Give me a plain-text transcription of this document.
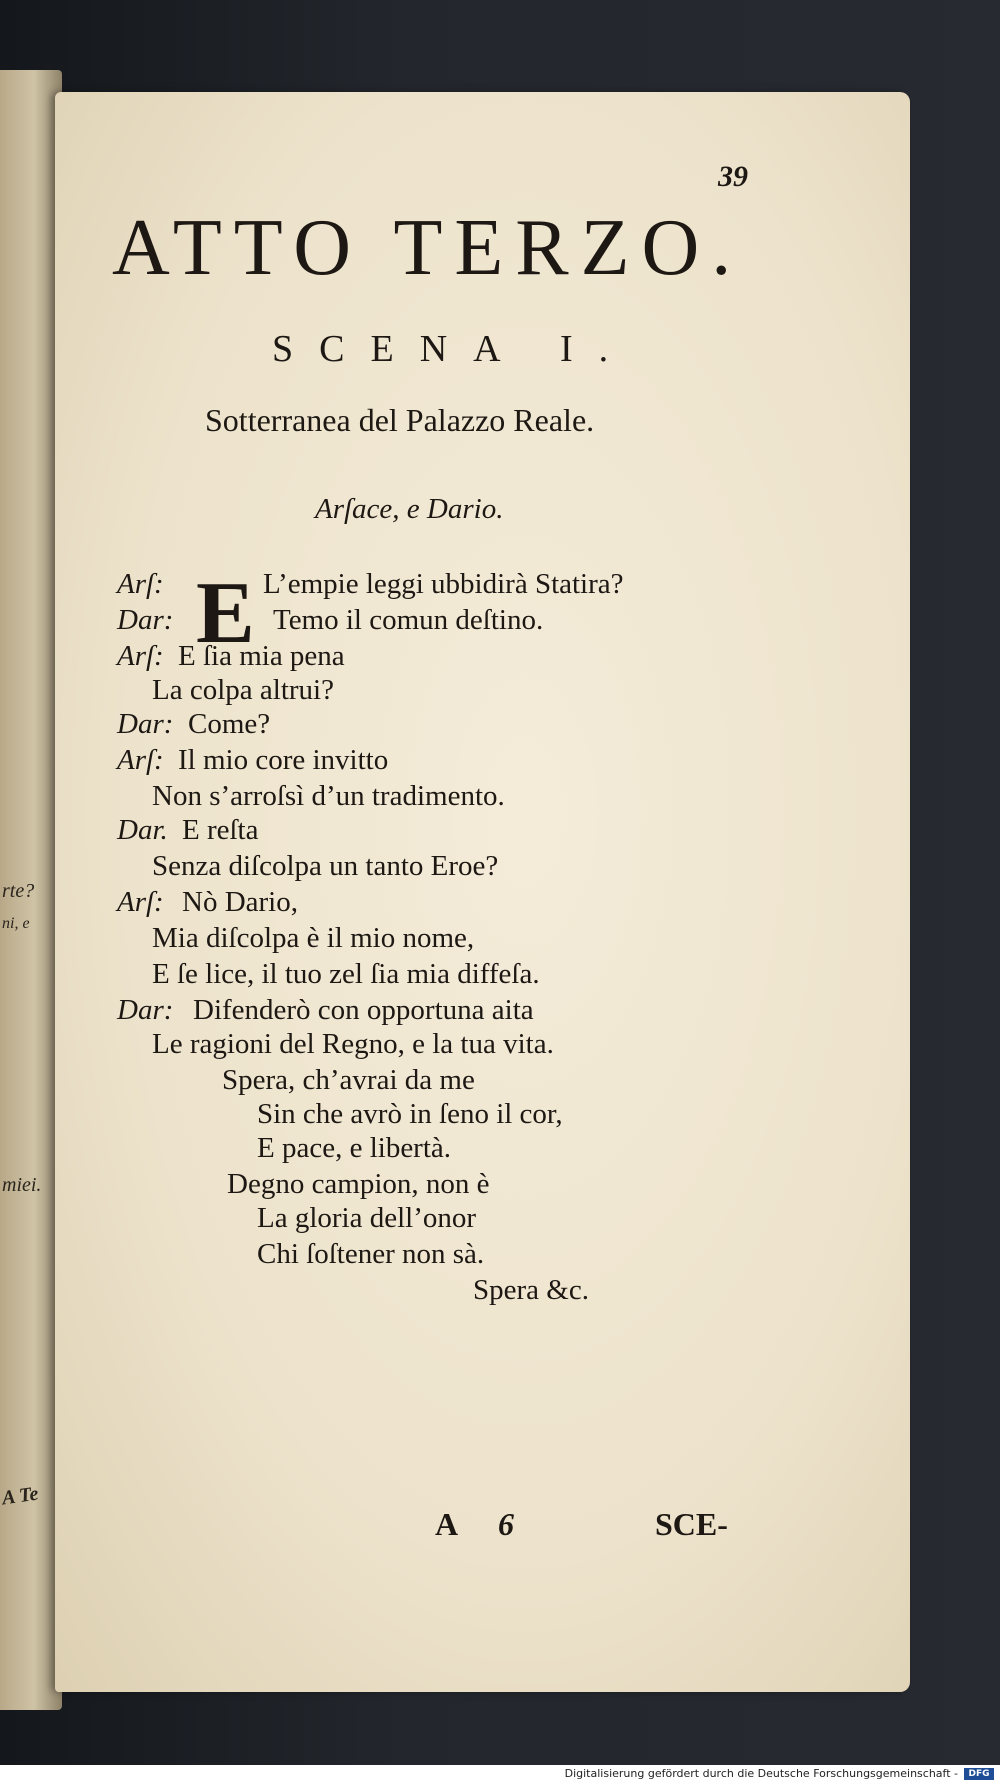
rte?
ni, e
miei.
A Te
39
ATTO TERZO.
SCENA I.
Sotterranea del Palazzo Reale.
Arſace, e Dario.
E
Arſ:	L’empie leggi ubbidirà Statira?
Dar:	Temo il comun deſtino.
Arſ: E ſia mia pena
La colpa altrui?
Dar: Come?
Arſ: Il mio core invitto
Non s’arroſsì d’un tradimento.
Dar. E reſta
Senza diſcolpa un tanto Eroe?
Arſ: Nò Dario,
Mia diſcolpa è il mio nome,
E ſe lice, il tuo zel ſia mia diffeſa.
Dar: Difenderò con opportuna aita
Le ragioni del Regno, e la tua vita.
Spera, ch’avrai da me
Sin che avrò in ſeno il cor,
E pace, e libertà.
Degno campion, non è
La gloria dell’onor
Chi ſoſtener non sà.
Spera &c.
A 6	SCE-
Digitalisierung gefördert durch die Deutsche Forschungsgemeinschaft -	DFG
